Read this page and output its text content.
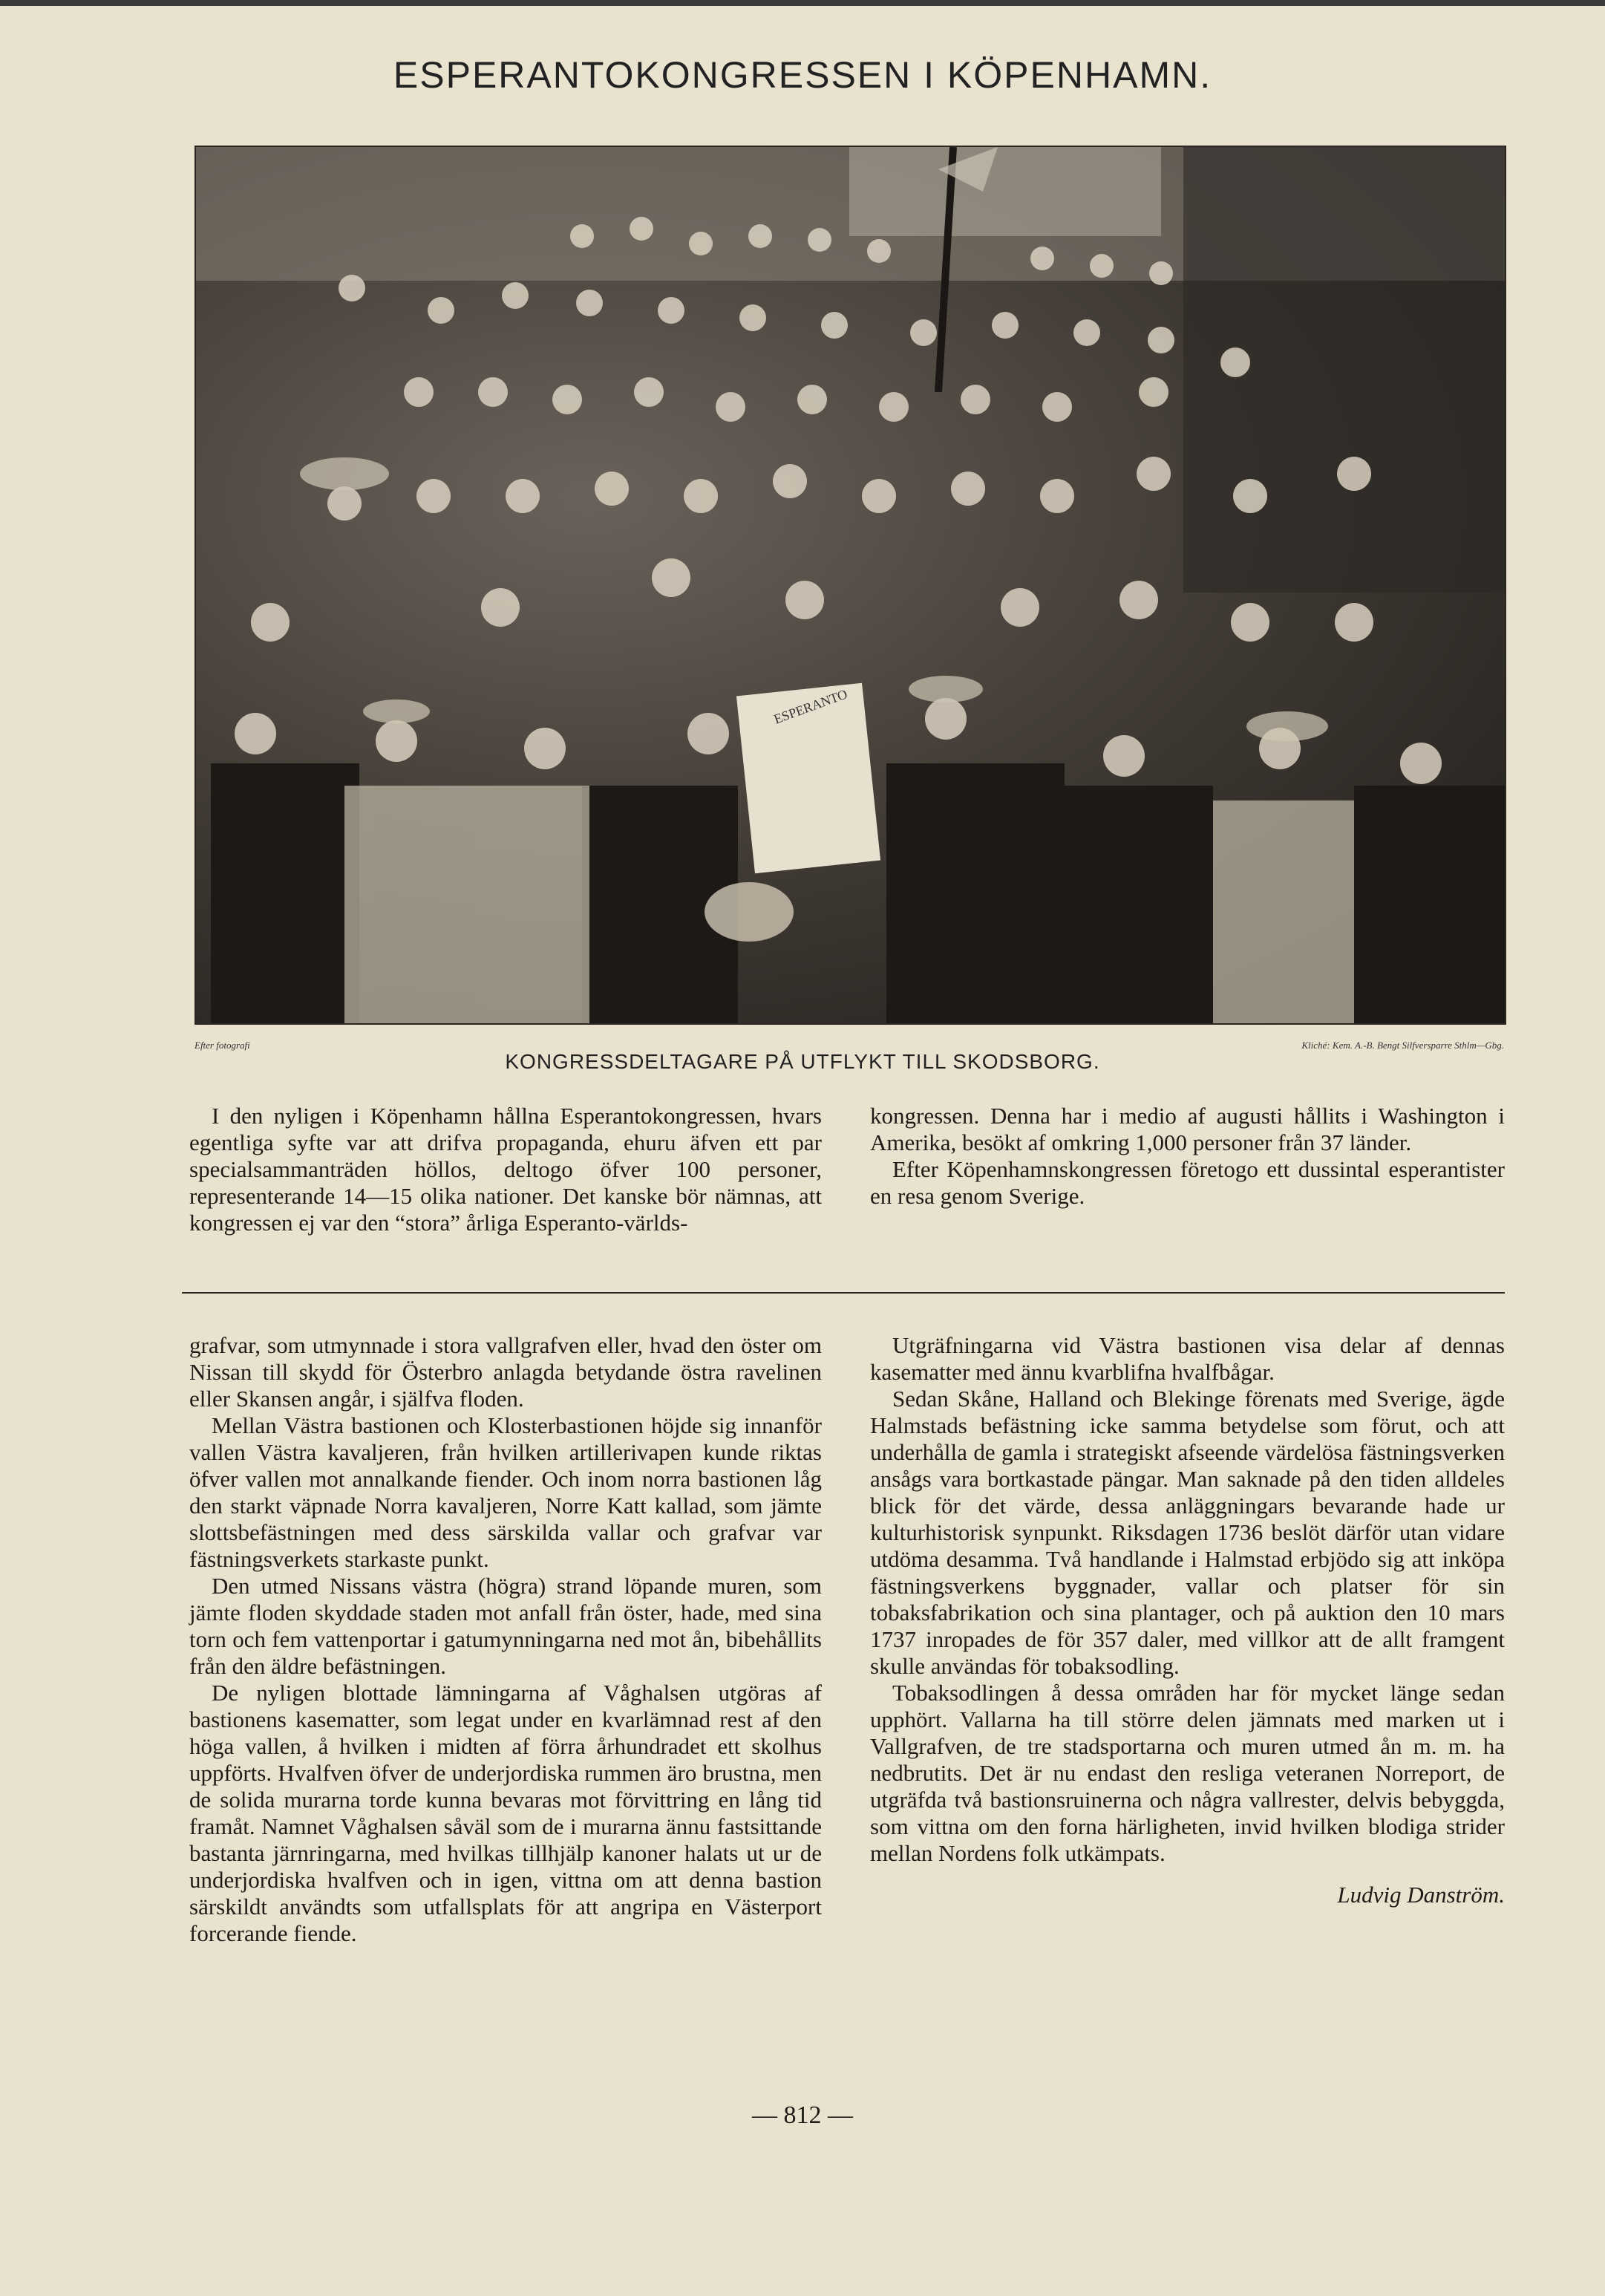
ESPERANTOKONGRESSEN I KÖPENHAMN.
ESPERANTO
Efter fotografi	Kliché: Kem. A.-B. Bengt Silfversparre Sthlm—Gbg.
KONGRESSDELTAGARE PÅ UTFLYKT TILL SKODSBORG.

I den nyligen i Köpenhamn hållna Esperantokongressen, hvars egentliga syfte var att drifva propaganda, ehuru äfven ett par specialsammanträden höllos, deltogo öfver 100 personer, representerande 14—15 olika nationer. Det kanske bör nämnas, att kongressen ej var den “stora” årliga Esperanto-världs-

kongressen. Denna har i medio af augusti hållits i Washington i Amerika, besökt af omkring 1,000 personer från 37 länder.

Efter Köpenhamnskongressen företogo ett dussintal esperantister en resa genom Sverige.

grafvar, som utmynnade i stora vallgrafven eller, hvad den öster om Nissan till skydd för Österbro anlagda betydande östra ravelinen eller Skansen angår, i själfva floden.

Mellan Västra bastionen och Klosterbastionen höjde sig innanför vallen Västra kavaljeren, från hvilken artillerivapen kunde riktas öfver vallen mot annalkande fiender. Och inom norra bastionen låg den starkt väpnade Norra kavaljeren, Norre Katt kallad, som jämte slottsbefästningen med dess särskilda vallar och grafvar var fästningsverkets starkaste punkt.

Den utmed Nissans västra (högra) strand löpande muren, som jämte floden skyddade staden mot anfall från öster, hade, med sina torn och fem vattenportar i gatumynningarna ned mot ån, bibehållits från den äldre befästningen.

De nyligen blottade lämningarna af Våghalsen utgöras af bastionens kasematter, som legat under en kvarlämnad rest af den höga vallen, å hvilken i midten af förra århundradet ett skolhus uppförts. Hvalfven öfver de underjordiska rummen äro brustna, men de solida murarna torde kunna bevaras mot förvittring en lång tid framåt. Namnet Våghalsen såväl som de i murarna ännu fastsittande bastanta järnringarna, med hvilkas tillhjälp kanoner halats ut ur de underjordiska hvalfven och in igen, vittna om att denna bastion särskildt användts som utfallsplats för att angripa en Västerport forcerande fiende.

Utgräfningarna vid Västra bastionen visa delar af dennas kasematter med ännu kvarblifna hvalfbågar.

Sedan Skåne, Halland och Blekinge förenats med Sverige, ägde Halmstads befästning icke samma betydelse som förut, och att underhålla de gamla i strategiskt afseende värdelösa fästningsverken ansågs vara bortkastade pängar. Man saknade på den tiden alldeles blick för det värde, dessa anläggningars bevarande hade ur kulturhistorisk synpunkt. Riksdagen 1736 beslöt därför utan vidare utdöma desamma. Två handlande i Halmstad erbjödo sig att inköpa fästningsverkens byggnader, vallar och platser för sin tobaksfabrikation och sina plantager, och på auktion den 10 mars 1737 inropades de för 357 daler, med villkor att de allt framgent skulle användas för tobaksodling.

Tobaksodlingen å dessa områden har för mycket länge sedan upphört. Vallarna ha till större delen jämnats med marken ut i Vallgrafven, de tre stadsportarna och muren utmed ån m. m. ha nedbrutits. Det är nu endast den resliga veteranen Norreport, de utgräfda två bastionsruinerna och några vallrester, delvis bebyggda, som vittna om den forna härligheten, invid hvilken blodiga strider mellan Nordens folk utkämpats.

Ludvig Danström.
— 812 —
